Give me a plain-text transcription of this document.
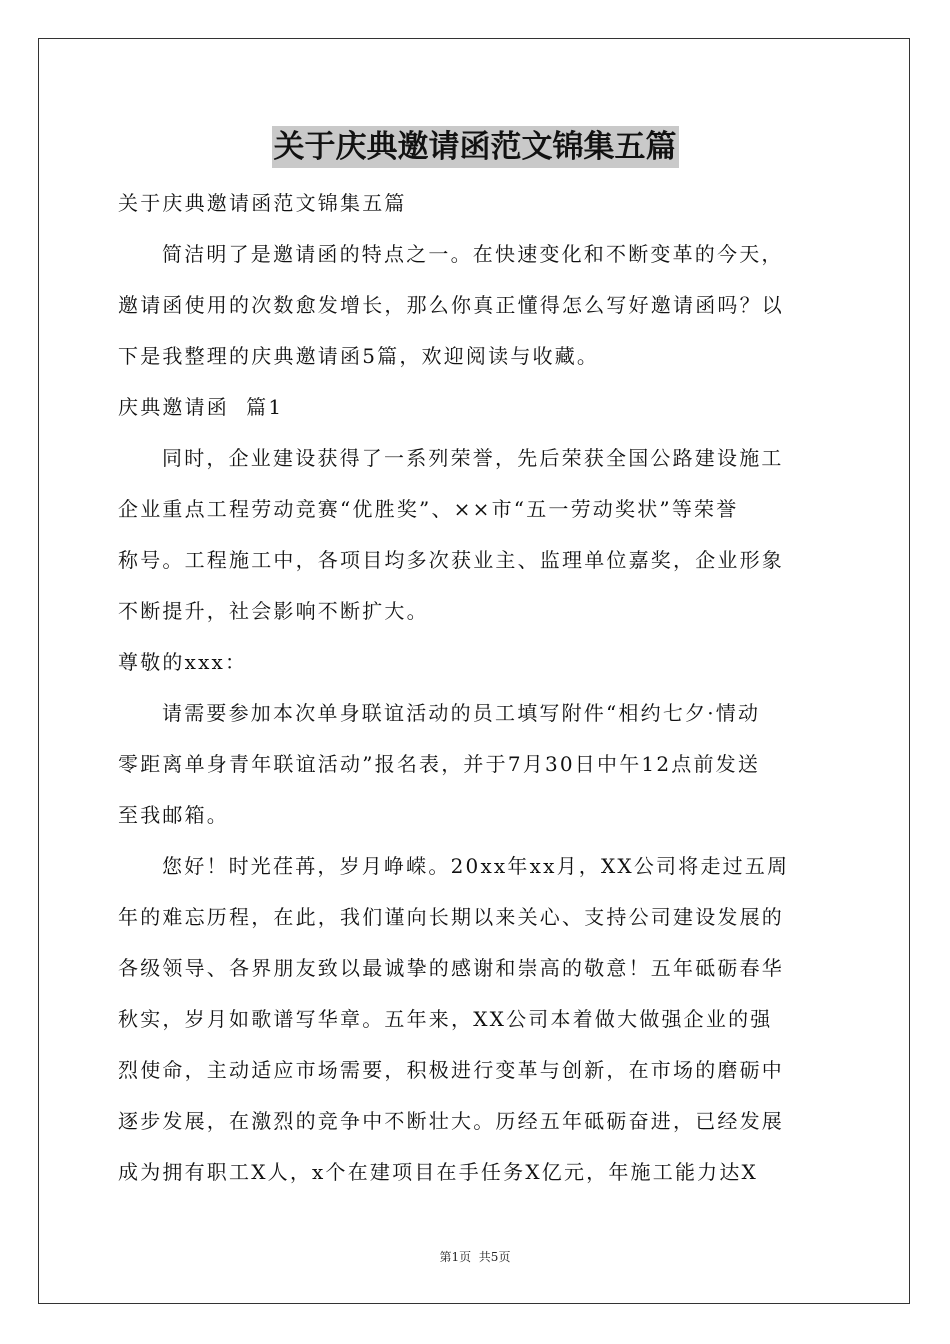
关于庆典邀请函范文锦集五篇
关于庆典邀请函范文锦集五篇
简洁明了是邀请函的特点之一。在快速变化和不断变革的今天，
邀请函使用的次数愈发增长，那么你真正懂得怎么写好邀请函吗？以
下是我整理的庆典邀请函5篇，欢迎阅读与收藏。
庆典邀请函  篇1
同时，企业建设获得了一系列荣誉，先后荣获全国公路建设施工
企业重点工程劳动竞赛“优胜奖”、××市“五一劳动奖状”等荣誉
称号。工程施工中，各项目均多次获业主、监理单位嘉奖，企业形象
不断提升，社会影响不断扩大。
尊敬的xxx：
请需要参加本次单身联谊活动的员工填写附件“相约七夕·情动
零距离单身青年联谊活动”报名表，并于7月30日中午12点前发送
至我邮箱。
您好！时光荏苒，岁月峥嵘。20xx年xx月，XX公司将走过五周
年的难忘历程，在此，我们谨向长期以来关心、支持公司建设发展的
各级领导、各界朋友致以最诚挚的感谢和崇高的敬意！五年砥砺春华
秋实，岁月如歌谱写华章。五年来，XX公司本着做大做强企业的强
烈使命，主动适应市场需要，积极进行变革与创新，在市场的磨砺中
逐步发展，在激烈的竞争中不断壮大。历经五年砥砺奋进，已经发展
成为拥有职工X人，x个在建项目在手任务X亿元，年施工能力达X
第1页  共5页
